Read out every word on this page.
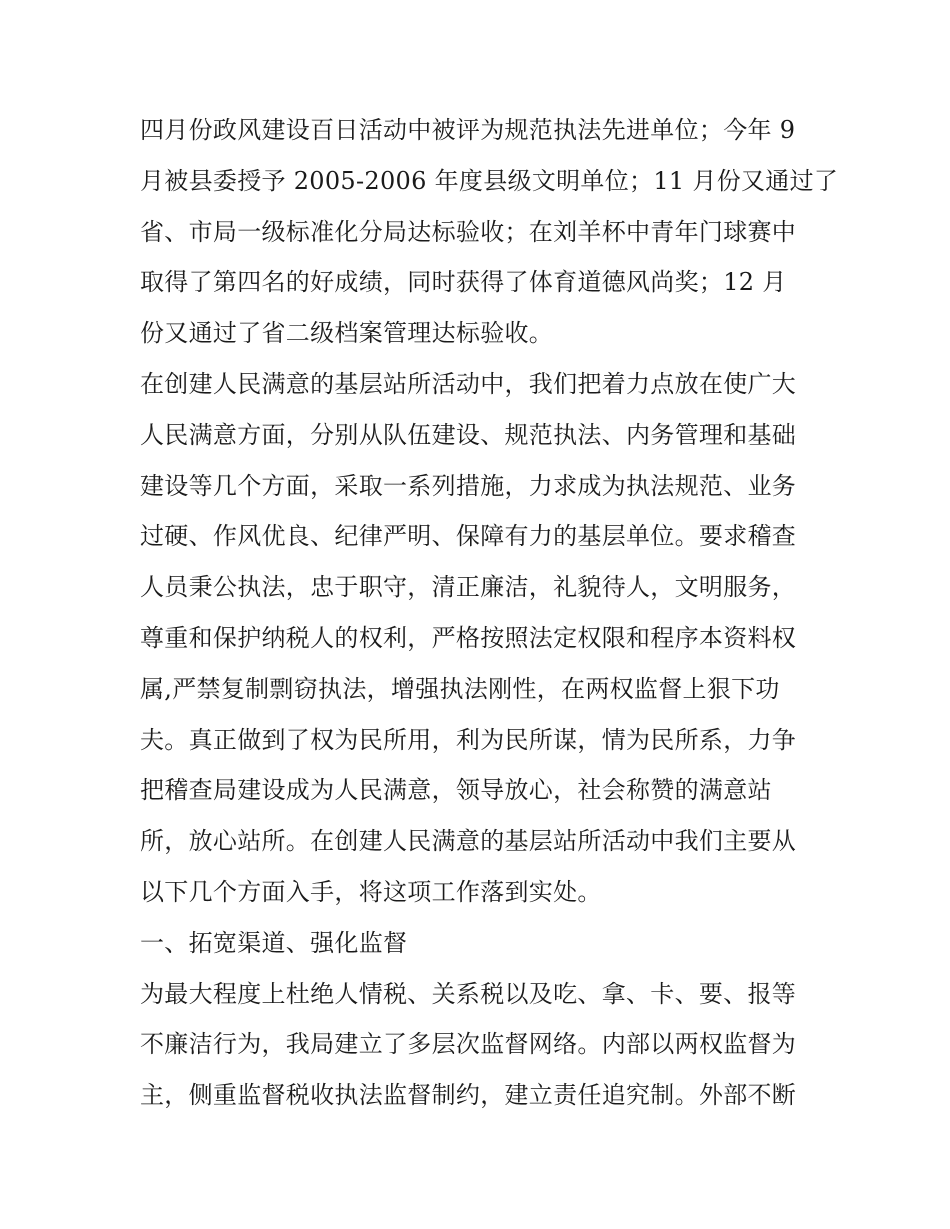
四月份政风建设百日活动中被评为规范执法先进单位；今年 9
月被县委授予 2005-2006 年度县级文明单位；11 月份又通过了
省、市局一级标准化分局达标验收；在刘羊杯中青年门球赛中
取得了第四名的好成绩，同时获得了体育道德风尚奖；12 月
份又通过了省二级档案管理达标验收。
在创建人民满意的基层站所活动中，我们把着力点放在使广大
人民满意方面，分别从队伍建设、规范执法、内务管理和基础
建设等几个方面，采取一系列措施，力求成为执法规范、业务
过硬、作风优良、纪律严明、保障有力的基层单位。要求稽查
人员秉公执法，忠于职守，清正廉洁，礼貌待人，文明服务，
尊重和保护纳税人的权利，严格按照法定权限和程序本资料权
属,严禁复制剽窃执法，增强执法刚性，在两权监督上狠下功
夫。真正做到了权为民所用，利为民所谋，情为民所系，力争
把稽查局建设成为人民满意，领导放心，社会称赞的满意站
所，放心站所。在创建人民满意的基层站所活动中我们主要从
以下几个方面入手，将这项工作落到实处。
一、拓宽渠道、强化监督
为最大程度上杜绝人情税、关系税以及吃、拿、卡、要、报等
不廉洁行为，我局建立了多层次监督网络。内部以两权监督为
主，侧重监督税收执法监督制约，建立责任追究制。外部不断
